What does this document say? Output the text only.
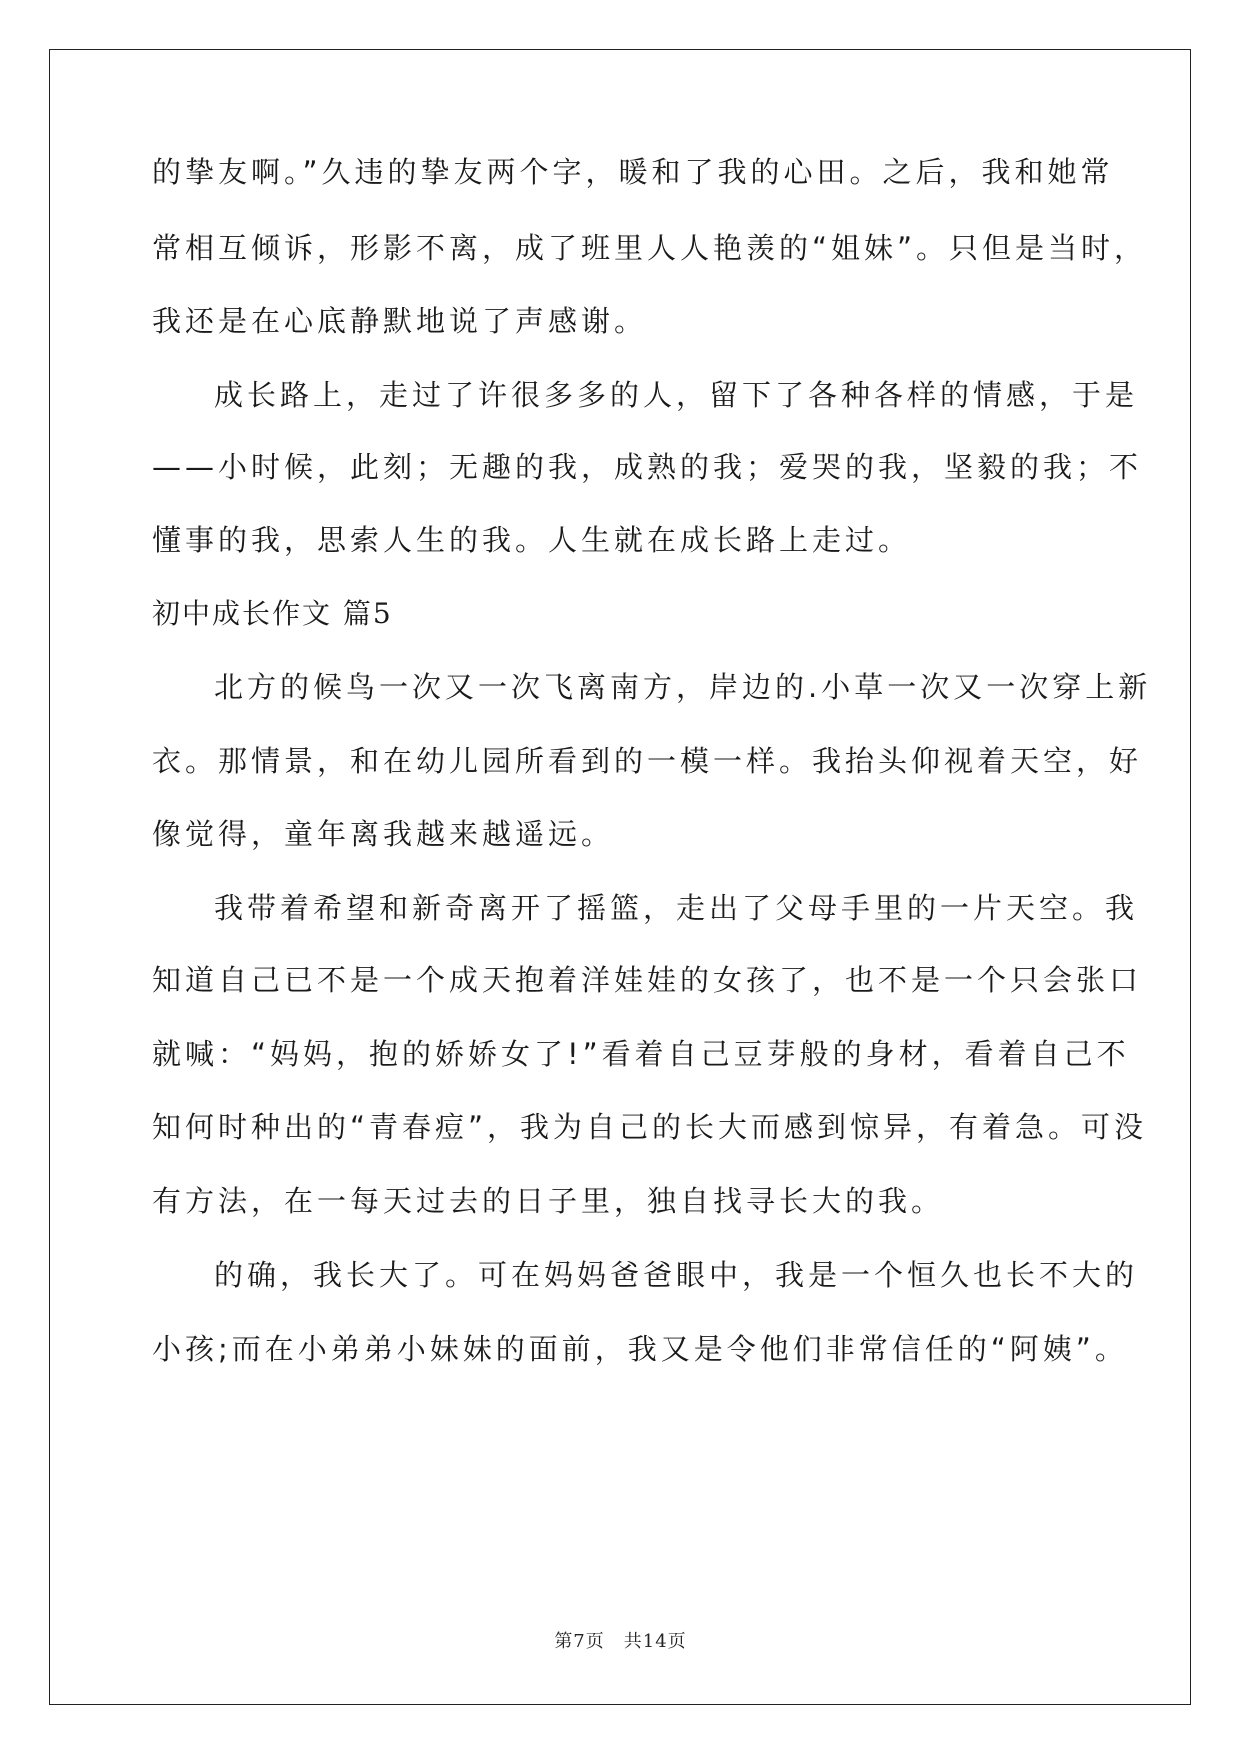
的挚友啊。”久违的挚友两个字，暖和了我的心田。之后，我和她常
常相互倾诉，形影不离，成了班里人人艳羡的“姐妹”。只但是当时，
我还是在心底静默地说了声感谢。
成长路上，走过了许很多多的人，留下了各种各样的情感，于是
——小时候，此刻；无趣的我，成熟的我；爱哭的我，坚毅的我；不
懂事的我，思索人生的我。人生就在成长路上走过。
初中成长作文 篇5
北方的候鸟一次又一次飞离南方，岸边的.小草一次又一次穿上新
衣。那情景，和在幼儿园所看到的一模一样。我抬头仰视着天空，好
像觉得，童年离我越来越遥远。
我带着希望和新奇离开了摇篮，走出了父母手里的一片天空。我
知道自己已不是一个成天抱着洋娃娃的女孩了，也不是一个只会张口
就喊：“妈妈，抱的娇娇女了!”看着自己豆芽般的身材，看着自己不
知何时种出的“青春痘”，我为自己的长大而感到惊异，有着急。可没
有方法，在一每天过去的日子里，独自找寻长大的我。
的确，我长大了。可在妈妈爸爸眼中，我是一个恒久也长不大的
小孩;而在小弟弟小妹妹的面前，我又是令他们非常信任的“阿姨”。
第7页　共14页
